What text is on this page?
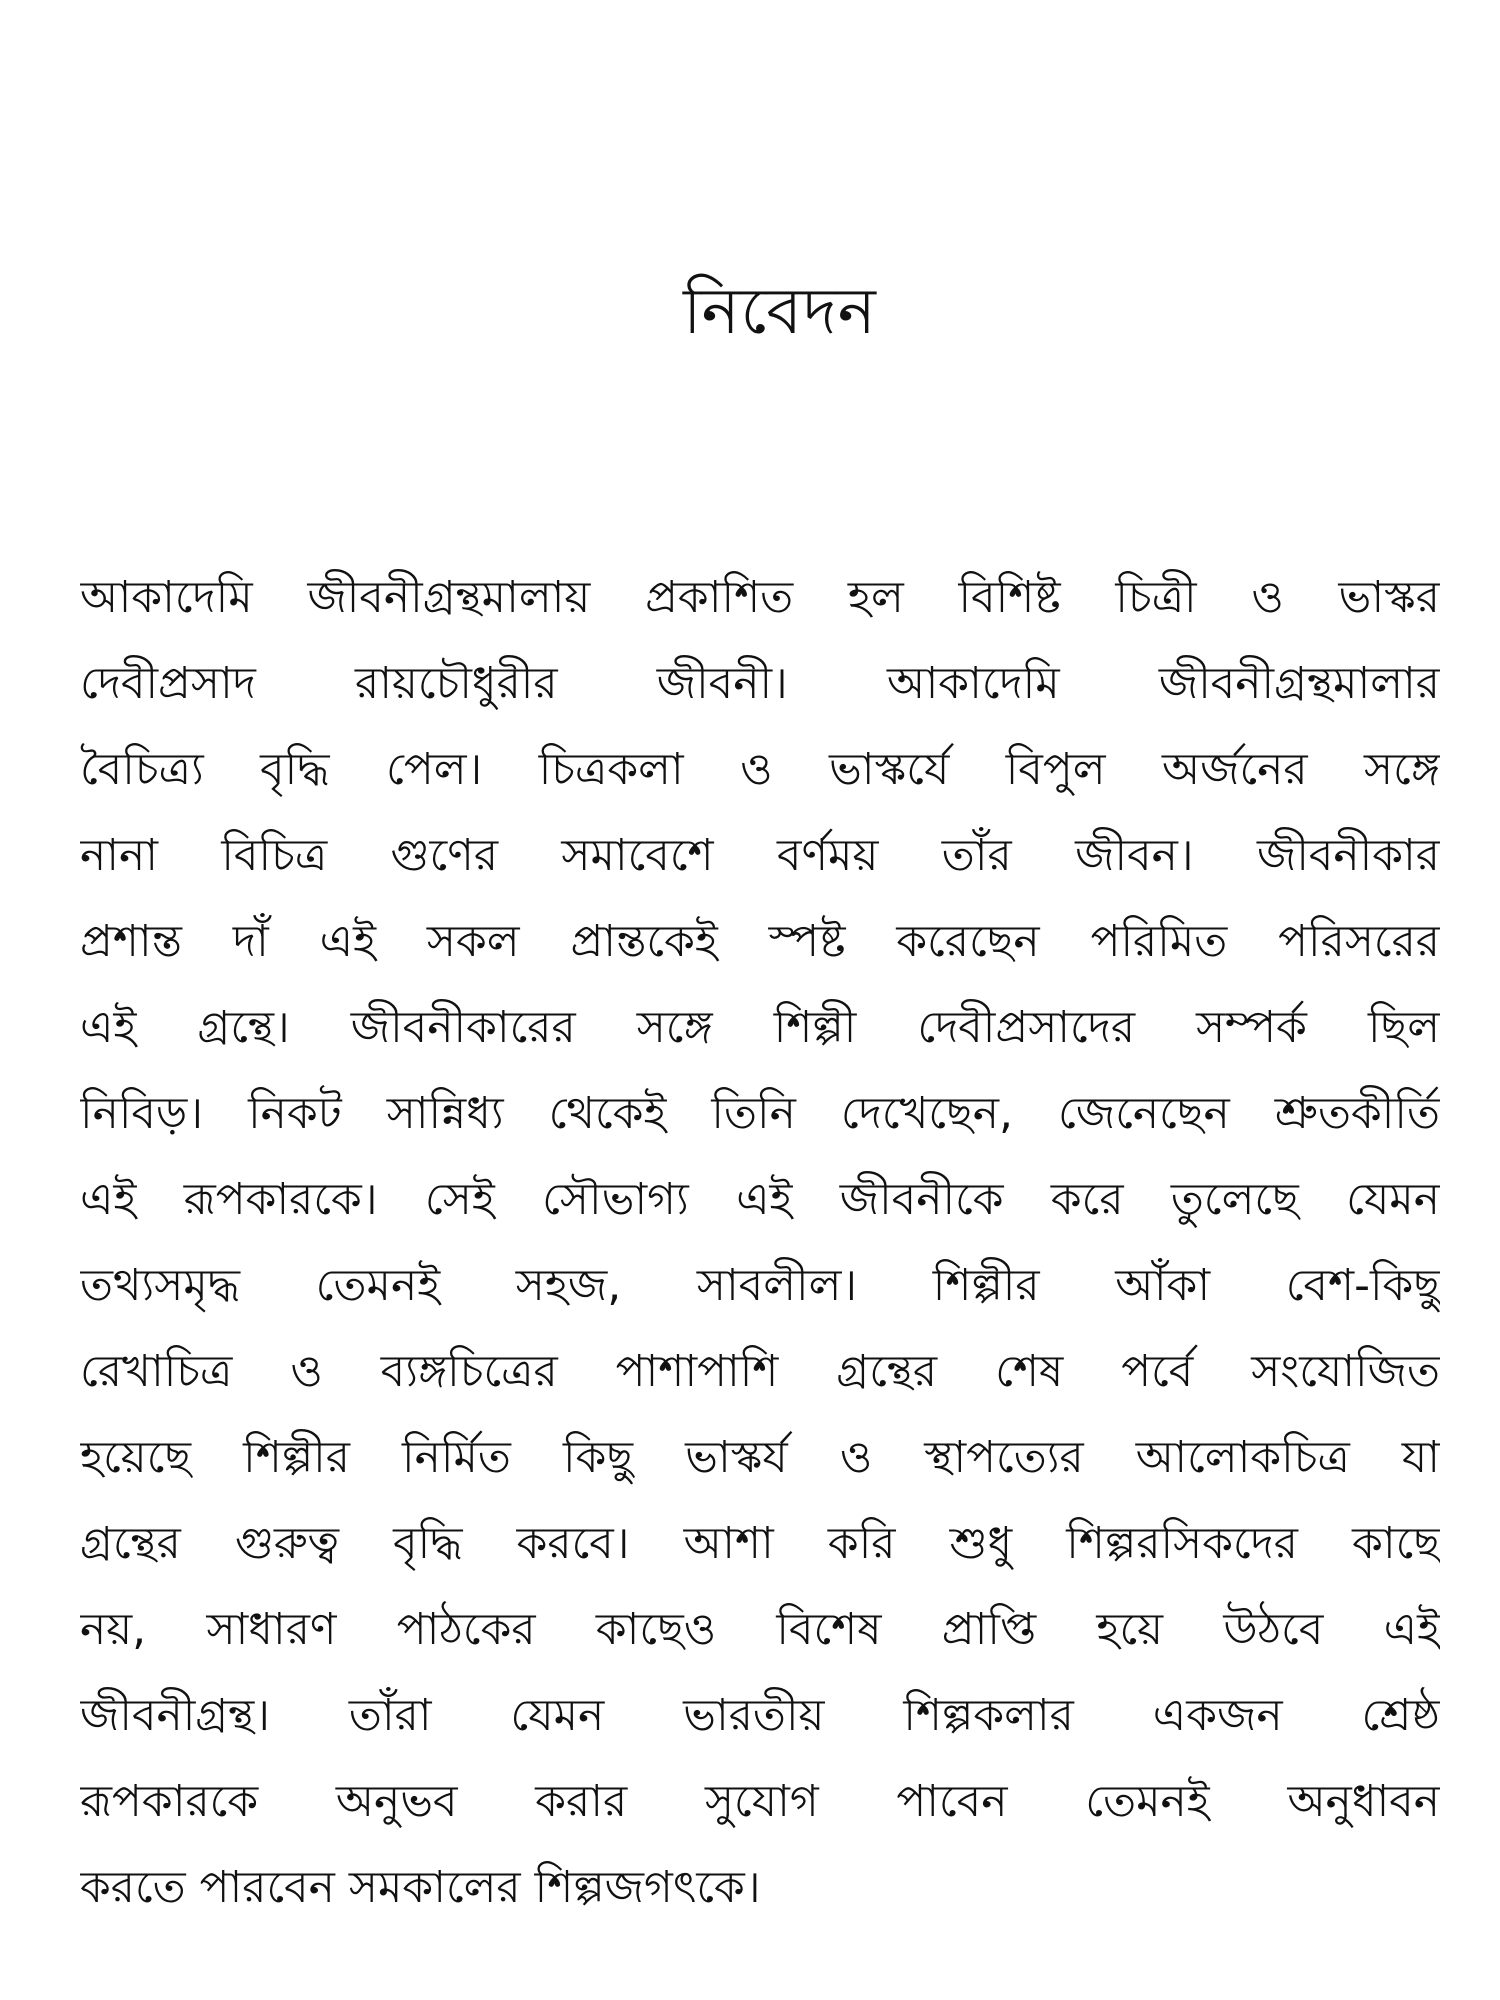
নিবেদন
আকাদেমি জীবনীগ্রন্থমালায় প্রকাশিত হল বিশিষ্ট চিত্রী ও ভাস্কর
দেবীপ্রসাদ রায়চৌধুরীর জীবনী। আকাদেমি জীবনীগ্রন্থমালার
বৈচিত্র্য বৃদ্ধি পেল। চিত্রকলা ও ভাস্কর্যে বিপুল অর্জনের সঙ্গে
নানা বিচিত্র গুণের সমাবেশে বর্ণময় তাঁর জীবন। জীবনীকার
প্রশান্ত দাঁ এই সকল প্রান্তকেই স্পষ্ট করেছেন পরিমিত পরিসরের
এই গ্রন্থে। জীবনীকারের সঙ্গে শিল্পী দেবীপ্রসাদের সম্পর্ক ছিল
নিবিড়। নিকট সান্নিধ্য থেকেই তিনি দেখেছেন, জেনেছেন শ্রুতকীর্তি
এই রূপকারকে। সেই সৌভাগ্য এই জীবনীকে করে তুলেছে যেমন
তথ্যসমৃদ্ধ তেমনই সহজ, সাবলীল। শিল্পীর আঁকা বেশ-কিছু
রেখাচিত্র ও ব্যঙ্গচিত্রের পাশাপাশি গ্রন্থের শেষ পর্বে সংযোজিত
হয়েছে শিল্পীর নির্মিত কিছু ভাস্কর্য ও স্থাপত্যের আলোকচিত্র যা
গ্রন্থের গুরুত্ব বৃদ্ধি করবে। আশা করি শুধু শিল্পরসিকদের কাছে
নয়, সাধারণ পাঠকের কাছেও বিশেষ প্রাপ্তি হয়ে উঠবে এই
জীবনীগ্রন্থ। তাঁরা যেমন ভারতীয় শিল্পকলার একজন শ্রেষ্ঠ
রূপকারকে অনুভব করার সুযোগ পাবেন তেমনই অনুধাবন
করতে পারবেন সমকালের শিল্পজগৎকে।
